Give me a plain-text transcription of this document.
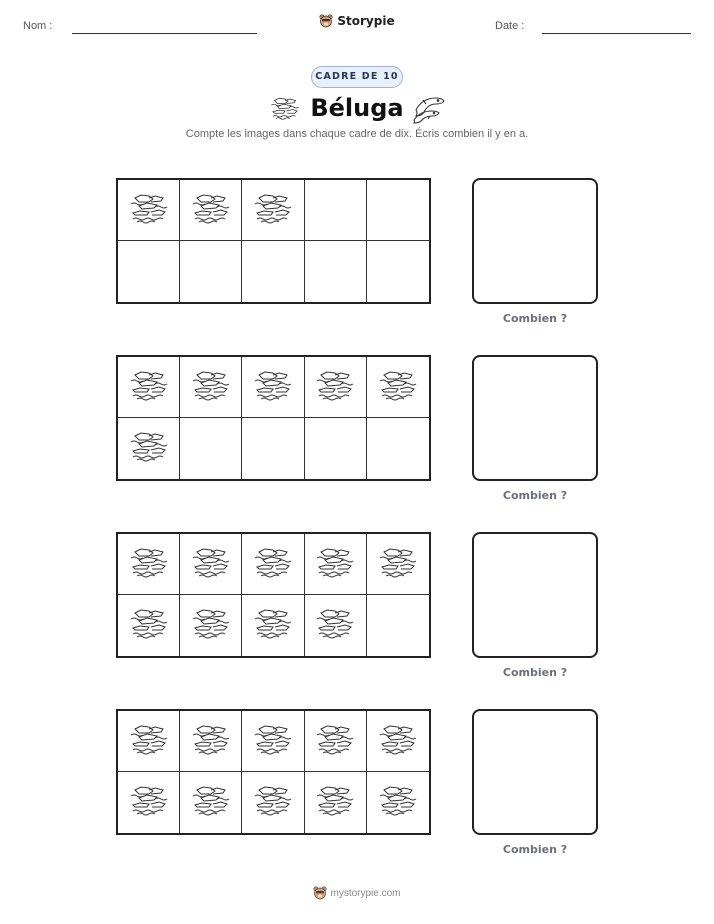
Nom :	Storypie	Date :
CADRE DE 10
Béluga
Compte les images dans chaque cadre de dix. Écris combien il y en a.
Combien ?
Combien ?
Combien ?
Combien ?
mystorypie.com
